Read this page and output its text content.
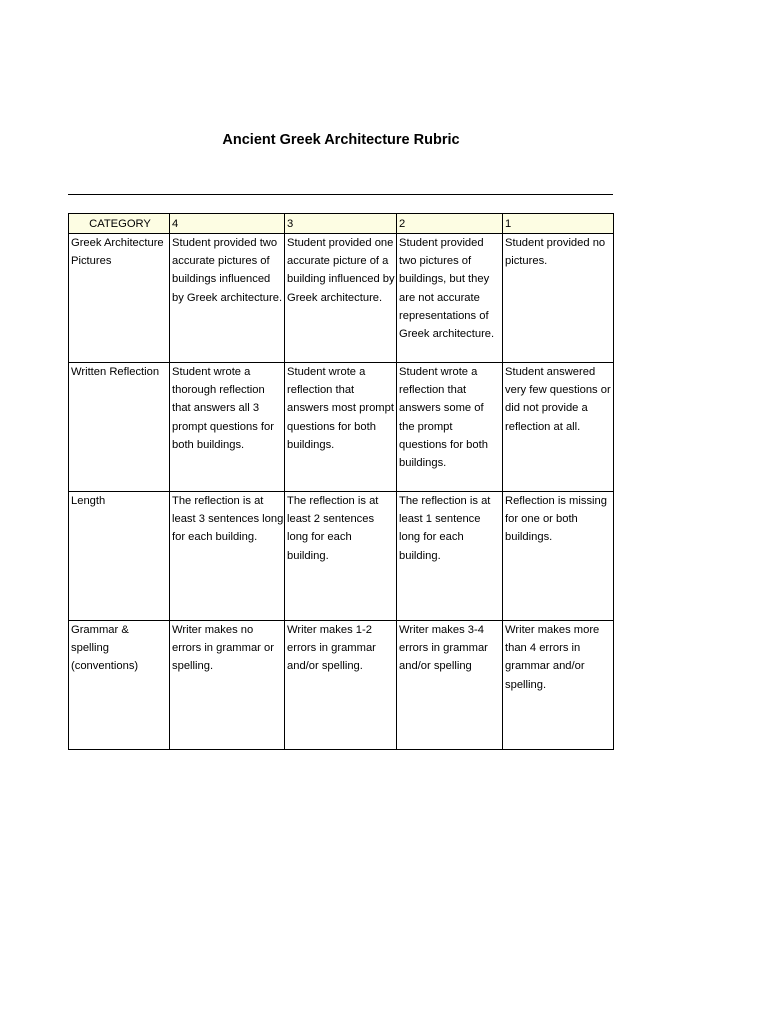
Ancient Greek Architecture Rubric
CATEGORY	4	3	2	1
Greek Architecture Pictures	Student provided two accurate pictures of buildings influenced by Greek architecture.	Student provided one accurate picture of a building influenced by Greek architecture.	Student provided two pictures of buildings, but they are not accurate representations of Greek architecture.	Student provided no pictures.
Written Reflection	Student wrote a thorough reflection that answers all 3 prompt questions for both buildings.	Student wrote a reflection that answers most prompt questions for both buildings.	Student wrote a reflection that answers some of the prompt questions for both buildings.	Student answered very few questions or did not provide a reflection at all.
Length	The reflection is at least 3 sentences long for each building.	The reflection is at least 2 sentences long for each building.	The reflection is at least 1 sentence long for each building.	Reflection is missing for one or both buildings.
Grammar & spelling (conventions)	Writer makes no errors in grammar or spelling.	Writer makes 1-2 errors in grammar and/or spelling.	Writer makes 3-4 errors in grammar and/or spelling	Writer makes more than 4 errors in grammar and/or spelling.
